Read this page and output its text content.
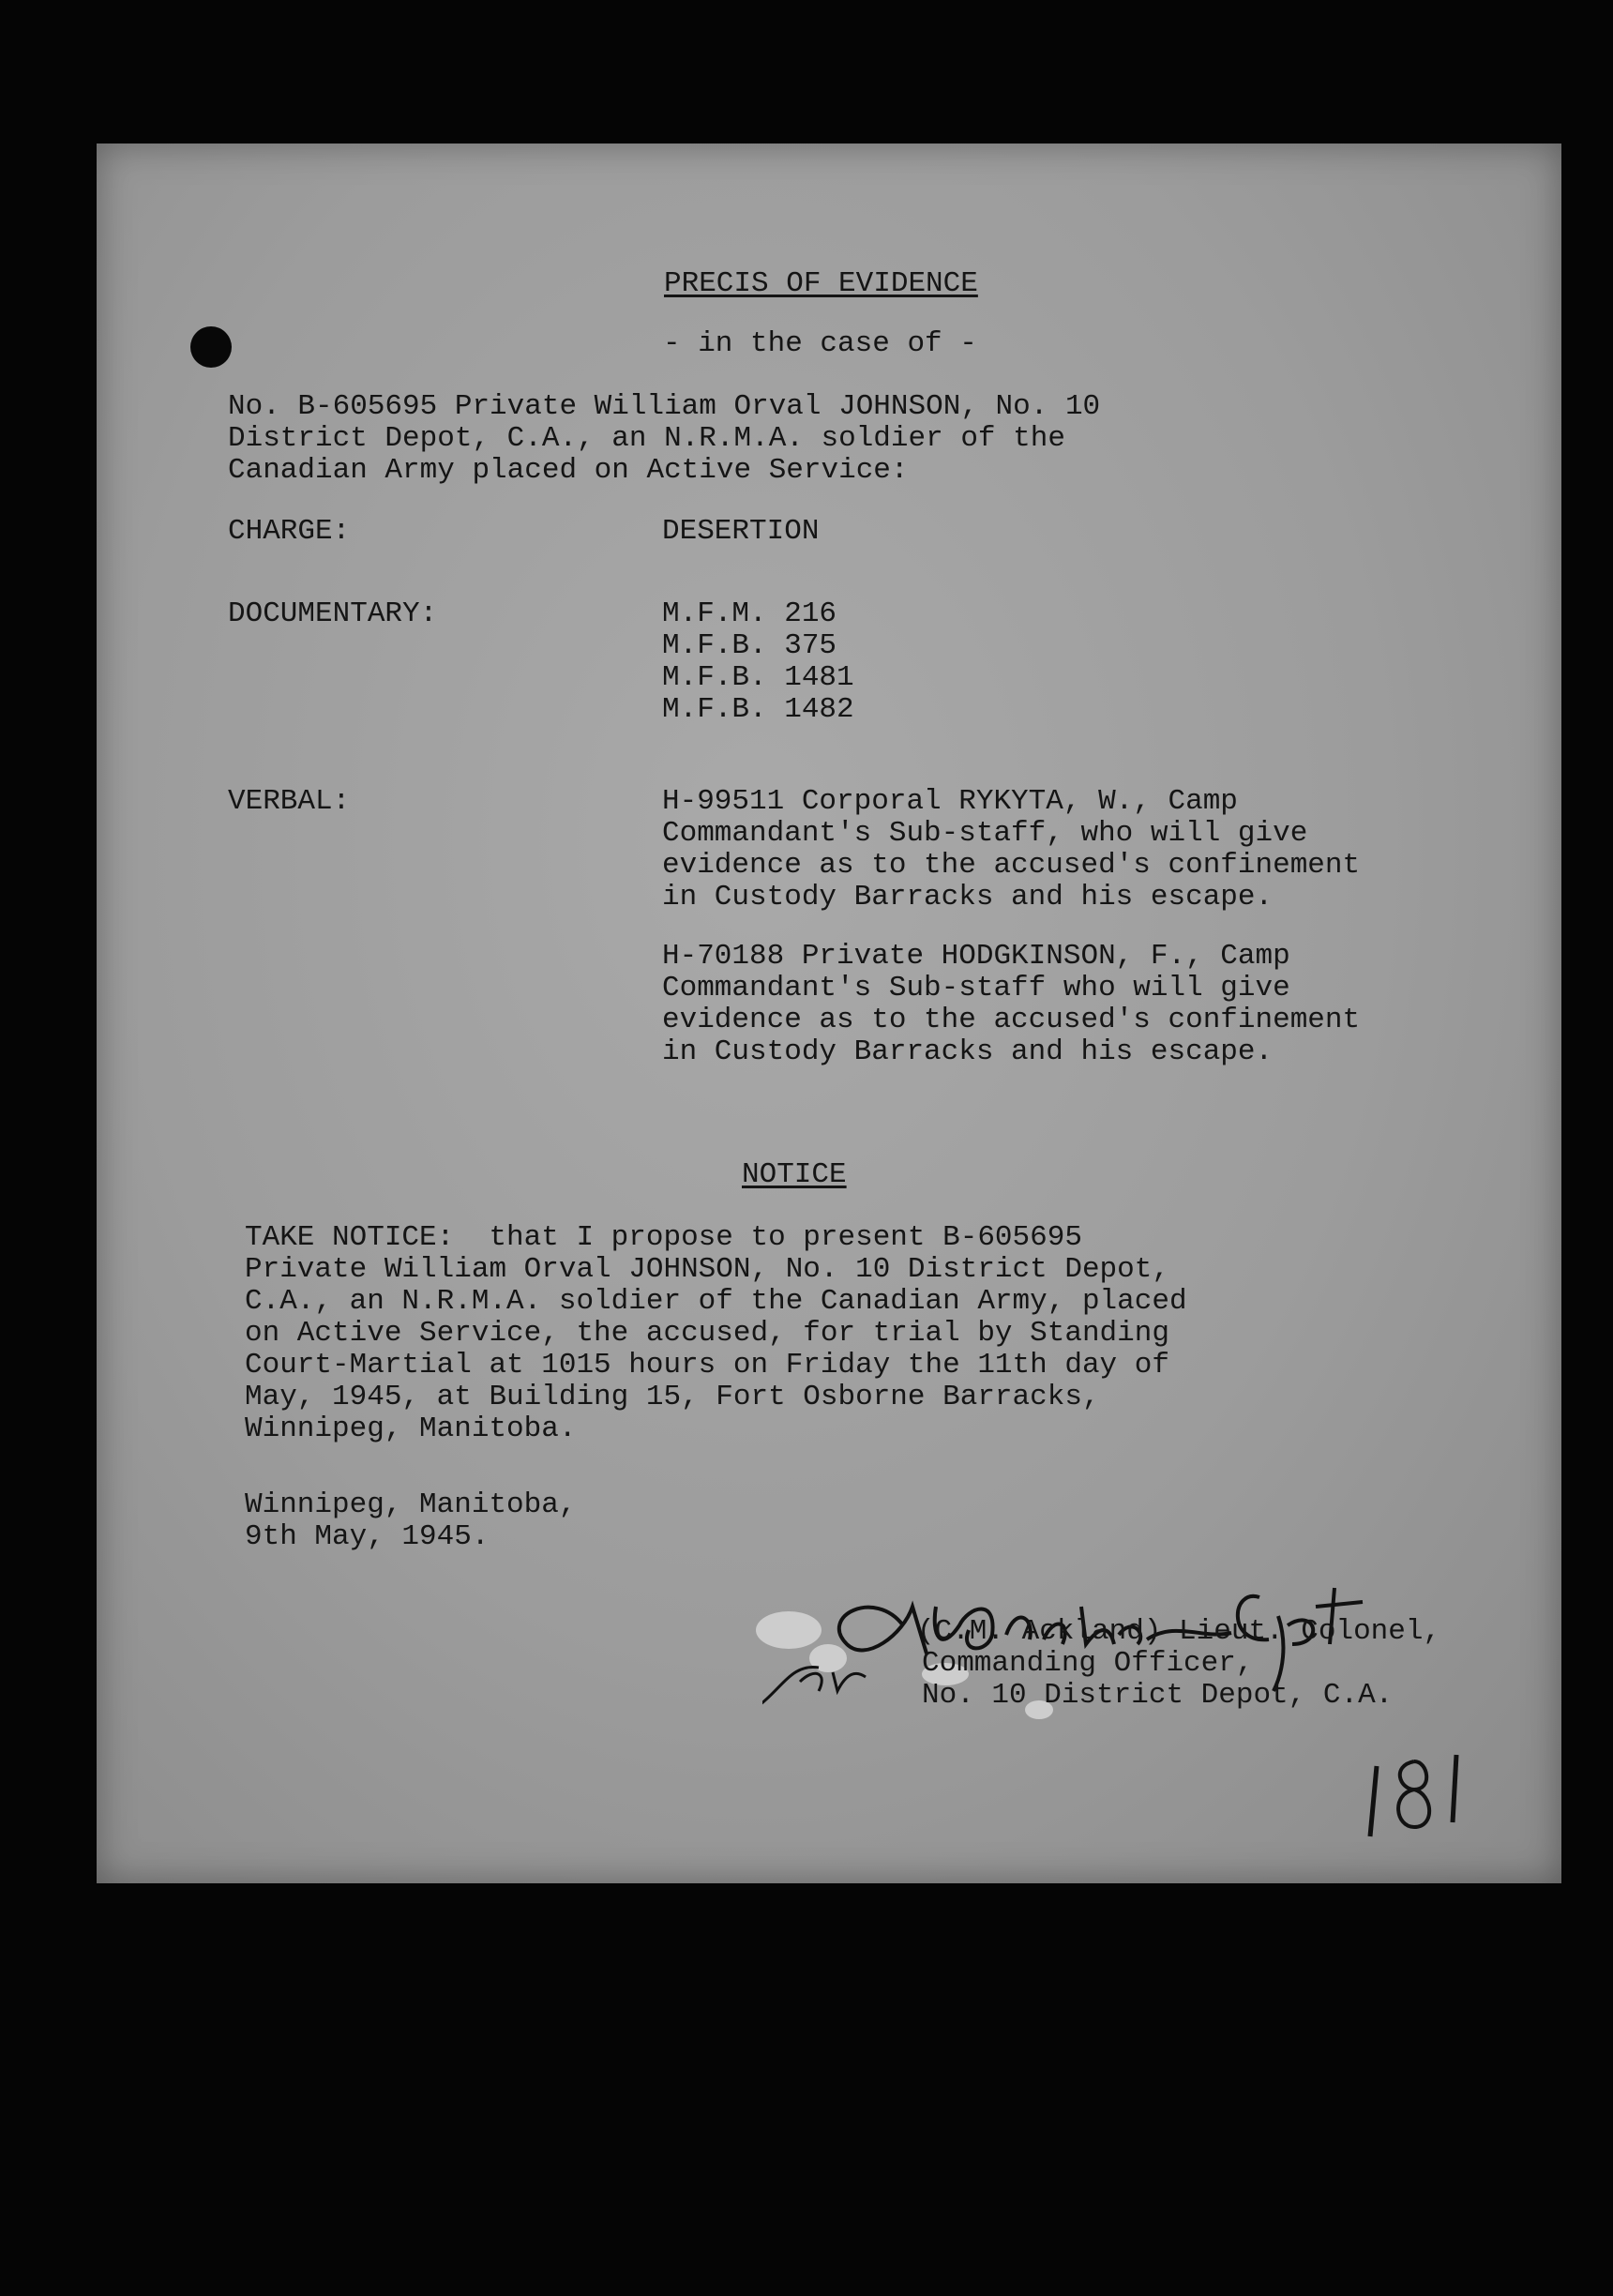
PRECIS OF EVIDENCE
- in the case of -
No. B-605695 Private William Orval JOHNSON, No. 10
District Depot, C.A., an N.R.M.A. soldier of the
Canadian Army placed on Active Service:
CHARGE:	DESERTION
DOCUMENTARY:	M.F.M. 216
M.F.B. 375
M.F.B. 1481
M.F.B. 1482
VERBAL:	H-99511 Corporal RYKYTA, W., Camp
Commandant's Sub-staff, who will give
evidence as to the accused's confinement
in Custody Barracks and his escape.
H-70188 Private HODGKINSON, F., Camp
Commandant's Sub-staff who will give
evidence as to the accused's confinement
in Custody Barracks and his escape.
NOTICE
TAKE NOTICE:  that I propose to present B-605695
Private William Orval JOHNSON, No. 10 District Depot,
C.A., an N.R.M.A. soldier of the Canadian Army, placed
on Active Service, the accused, for trial by Standing
Court-Martial at 1015 hours on Friday the 11th day of
May, 1945, at Building 15, Fort Osborne Barracks,
Winnipeg, Manitoba.
Winnipeg, Manitoba,
9th May, 1945.
(C.M. Ackland) Lieut. Colonel,
Commanding Officer,
No. 10 District Depot, C.A.
